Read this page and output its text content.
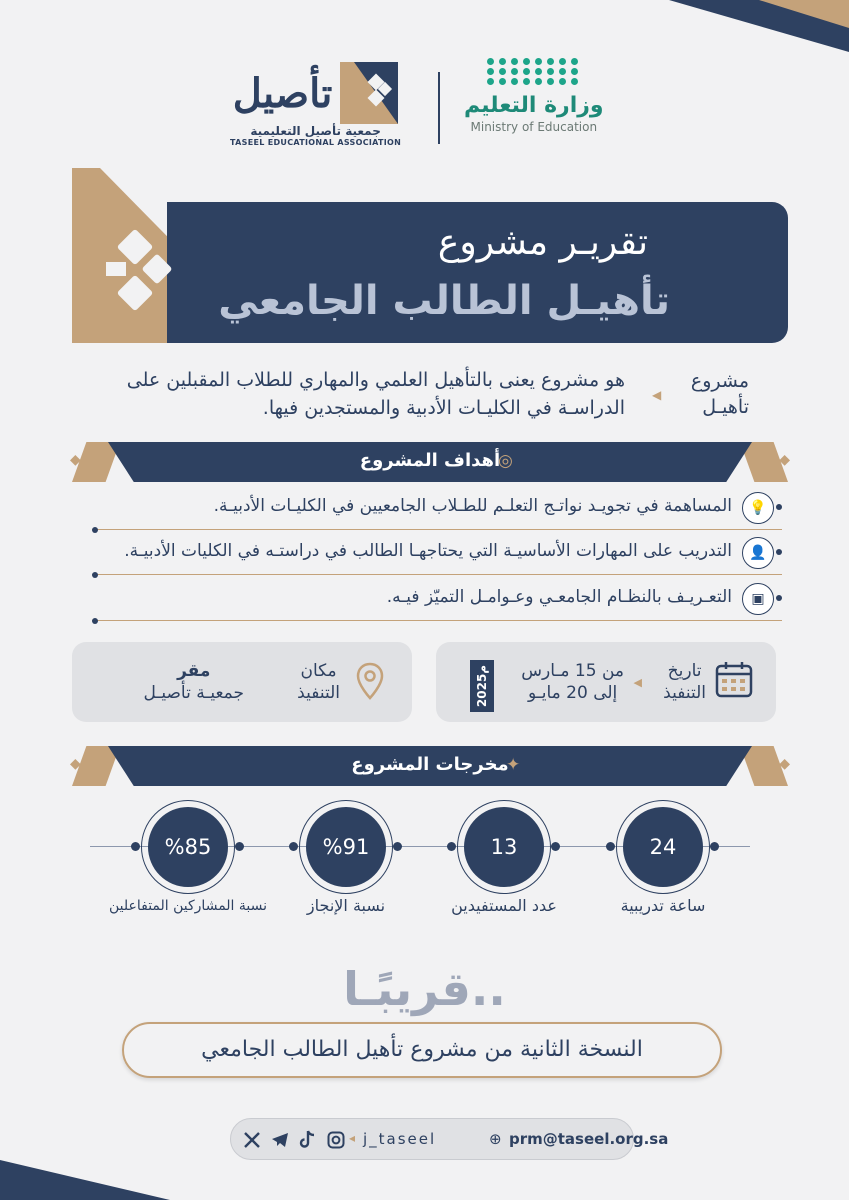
وزارة التعليم
Ministry of Education
تأصيل
جمعية تأصيل التعليمية
TASEEL EDUCATIONAL ASSOCIATION
تقريـر مشروع
تأهيـل الطالب الجامعي
مشروع
تأهيـل
◀
هو مشروع يعنى بالتأهيل العلمي والمهاري للطلاب المقبلين على الدراسـة في الكليـات الأدبية والمستجدين فيها.
◆	◆
أهداف المشروع
◎
💡
المساهمة في تجويـد نواتـج التعلـم للطـلاب الجامعيين في الكليـات الأدبيـة.
👤
التدريب على المهارات الأساسيـة التي يحتاجهـا الطالب في دراستـه في الكليات الأدبيـة.
▣
التعـريـف بالنظـام الجامعـي وعـوامـل التميّز فيـه.
تاريخ
التنفيذ
◀
من 15 مـارس
إلى 20 مايـو
2025م
مكان
التنفيذ
مقر
جمعيـة تأصيـل
◆	◆
مخرجات المشروع
✦
24
ساعة تدريبية
13
عدد المستفيدين
%91
نسبة الإنجاز
%85
نسبة المشاركين المتفاعلين
..قريبًـا
النسخة الثانية من مشروع تأهيل الطالب الجامعي
◂ j_taseel	⊕ prm@taseel.org.sa
